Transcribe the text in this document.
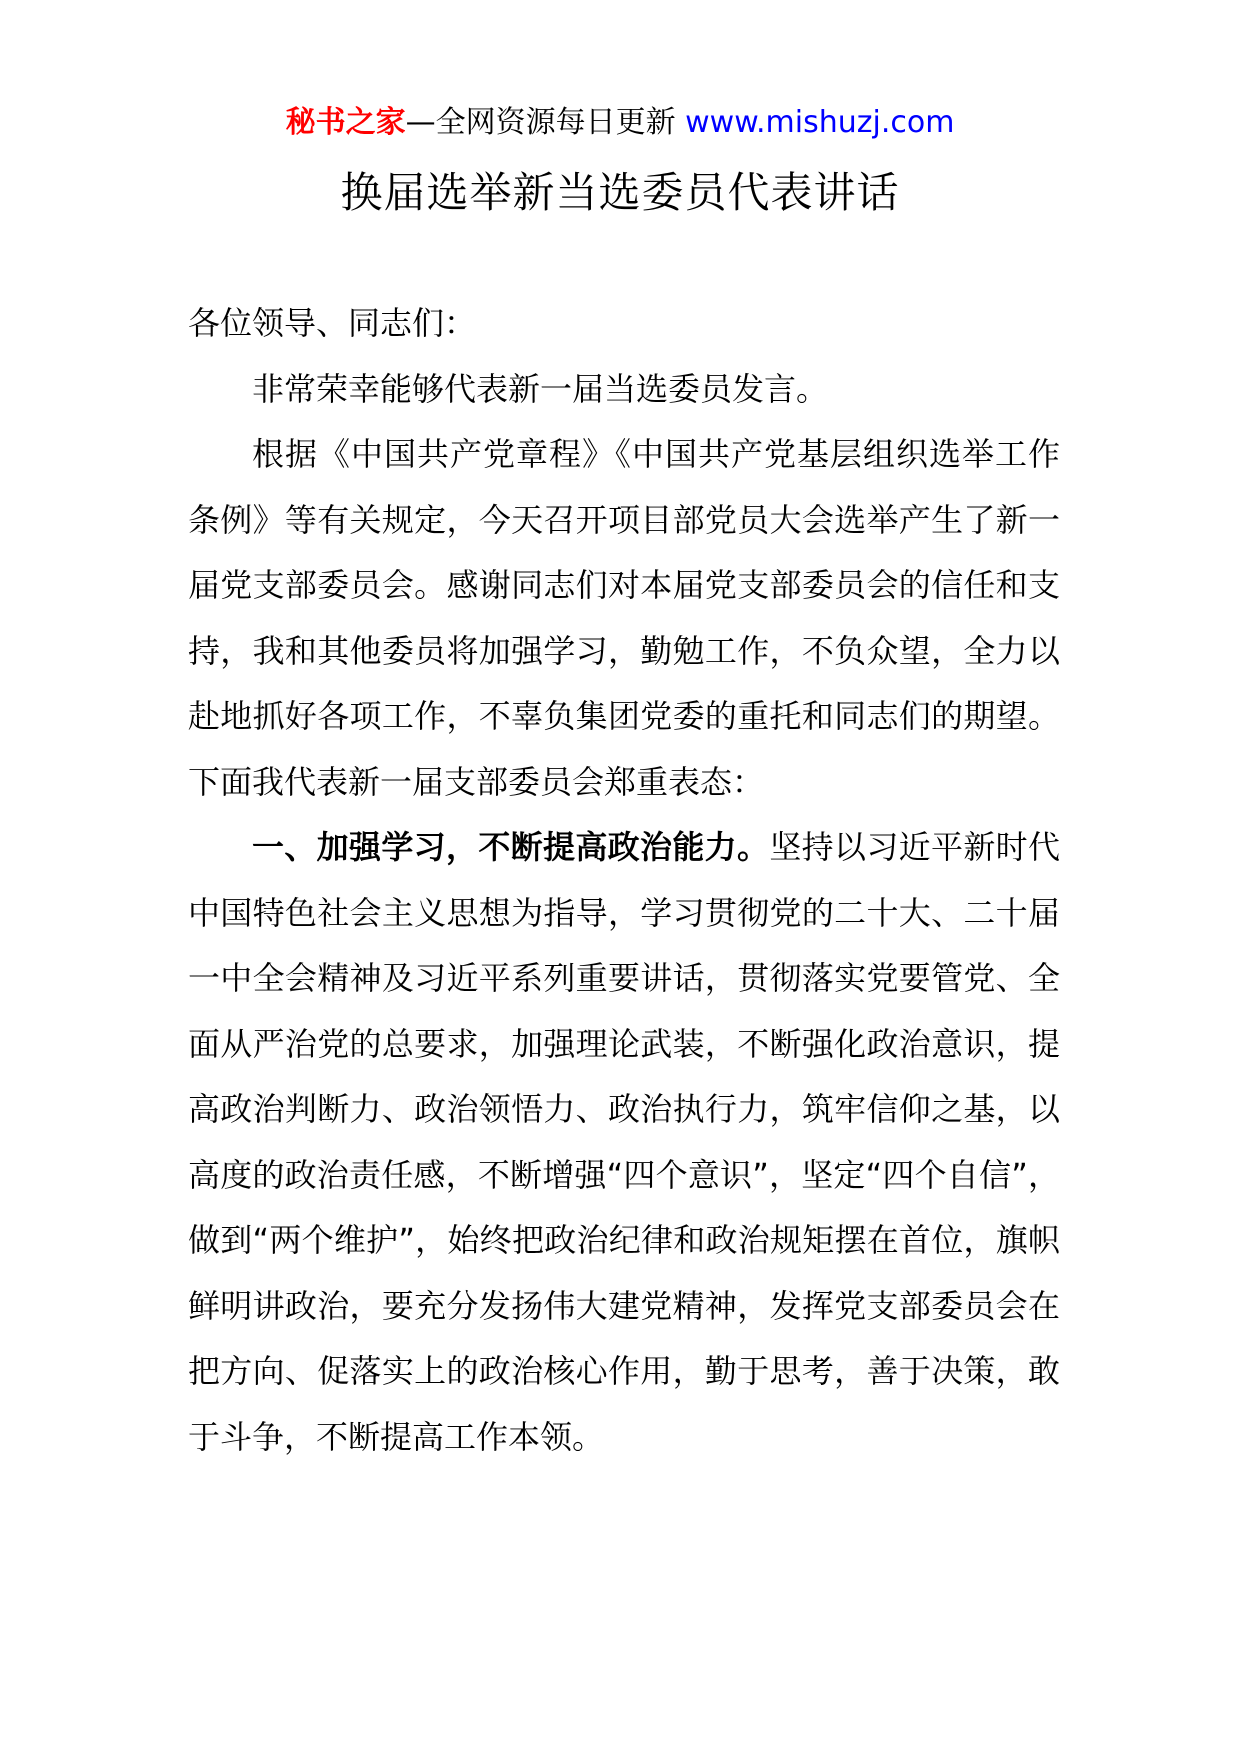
秘书之家—全网资源每日更新 www.mishuzj.com
换届选举新当选委员代表讲话

各位领导、同志们：

非常荣幸能够代表新一届当选委员发言。

根据《中国共产党章程》《中国共产党基层组织选举工作条例》等有关规定，今天召开项目部党员大会选举产生了新一届党支部委员会。感谢同志们对本届党支部委员会的信任和支持，我和其他委员将加强学习，勤勉工作，不负众望，全力以赴地抓好各项工作，不辜负集团党委的重托和同志们的期望。下面我代表新一届支部委员会郑重表态：

一、加强学习，不断提高政治能力。坚持以习近平新时代中国特色社会主义思想为指导，学习贯彻党的二十大、二十届一中全会精神及习近平系列重要讲话，贯彻落实党要管党、全面从严治党的总要求，加强理论武装，不断强化政治意识，提高政治判断力、政治领悟力、政治执行力，筑牢信仰之基，以高度的政治责任感，不断增强“四个意识”，坚定“四个自信”，做到“两个维护”，始终把政治纪律和政治规矩摆在首位，旗帜鲜明讲政治，要充分发扬伟大建党精神，发挥党支部委员会在把方向、促落实上的政治核心作用，勤于思考，善于决策，敢于斗争，不断提高工作本领。
